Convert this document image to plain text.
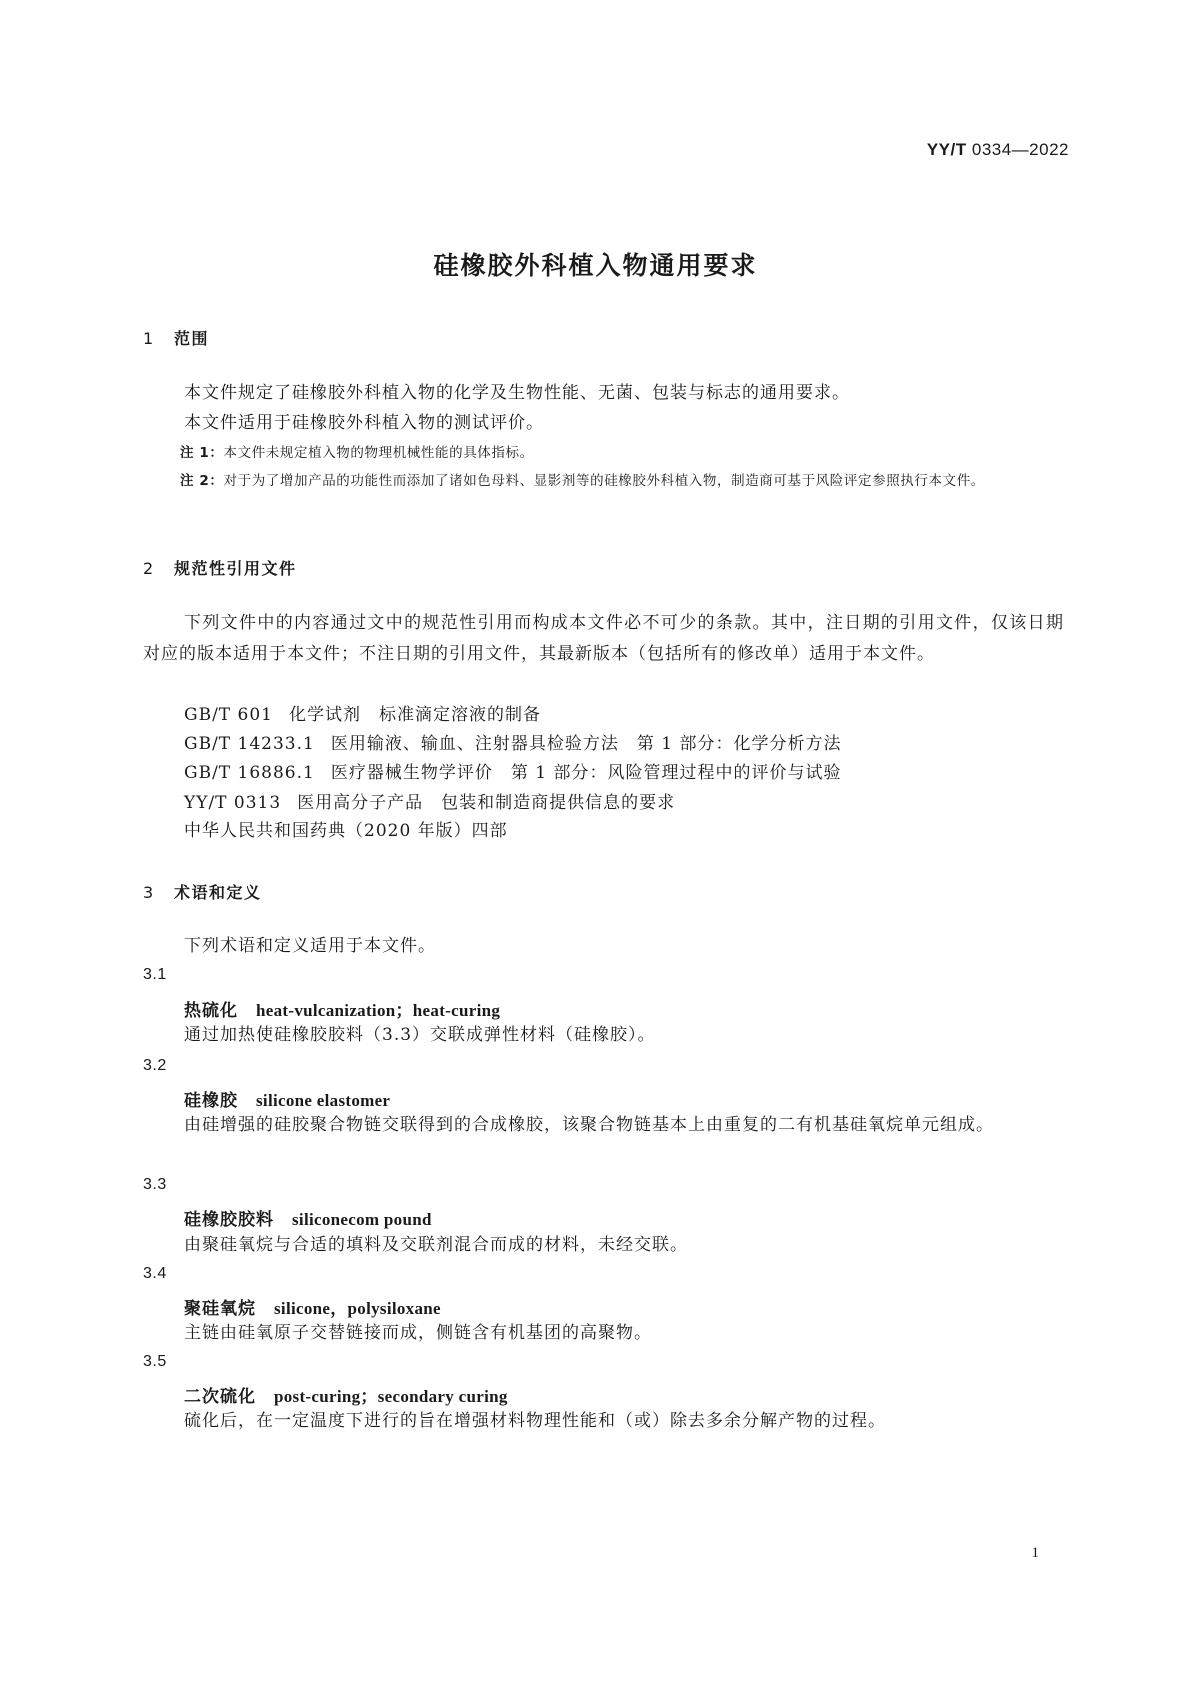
YY/T 0334—2022
硅橡胶外科植入物通用要求
1 范围

本文件规定了硅橡胶外科植入物的化学及生物性能、无菌、包装与标志的通用要求。

本文件适用于硅橡胶外科植入物的测试评价。

注 1：本文件未规定植入物的物理机械性能的具体指标。

注 2：对于为了增加产品的功能性而添加了诸如色母料、显影剂等的硅橡胶外科植入物，制造商可基于风险评定参照执行本文件。

2 规范性引用文件

下列文件中的内容通过文中的规范性引用而构成本文件必不可少的条款。其中，注日期的引用文件，仅该日期对应的版本适用于本文件；不注日期的引用文件，其最新版本（包括所有的修改单）适用于本文件。

GB/T 601 化学试剂　标准滴定溶液的制备
GB/T 14233.1 医用输液、输血、注射器具检验方法　第 1 部分：化学分析方法
GB/T 16886.1 医疗器械生物学评价　第 1 部分：风险管理过程中的评价与试验
YY/T 0313 医用高分子产品　包装和制造商提供信息的要求
中华人民共和国药典（2020 年版）四部
3 术语和定义

下列术语和定义适用于本文件。

3.1
热硫化 heat-vulcanization；heat-curing

通过加热使硅橡胶胶料（3.3）交联成弹性材料（硅橡胶）。

3.2
硅橡胶 silicone elastomer

由硅增强的硅胶聚合物链交联得到的合成橡胶，该聚合物链基本上由重复的二有机基硅氧烷单元组成。

3.3
硅橡胶胶料 siliconecom pound

由聚硅氧烷与合适的填料及交联剂混合而成的材料，未经交联。

3.4
聚硅氧烷 silicone，polysiloxane

主链由硅氧原子交替链接而成，侧链含有机基团的高聚物。

3.5
二次硫化 post-curing；secondary curing

硫化后，在一定温度下进行的旨在增强材料物理性能和（或）除去多余分解产物的过程。

1
